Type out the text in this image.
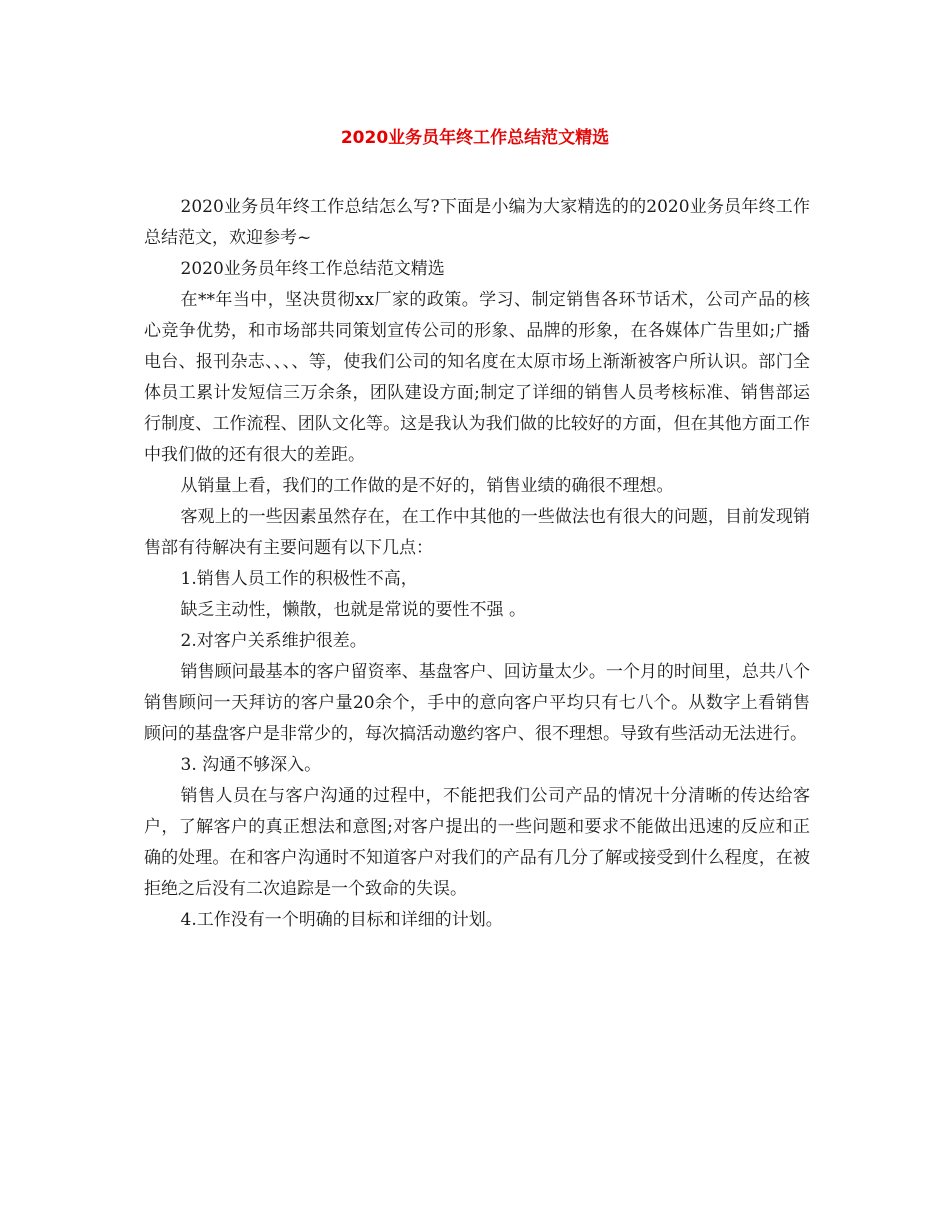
2020业务员年终工作总结范文精选

2020业务员年终工作总结怎么写?下面是小编为大家精选的的2020业务员年终工作总结范文，欢迎参考~

2020业务员年终工作总结范文精选

在**年当中，坚决贯彻xx厂家的政策。学习、制定销售各环节话术，公司产品的核心竞争优势，和市场部共同策划宣传公司的形象、品牌的形象，在各媒体广告里如;广播电台、报刊杂志、、、、等，使我们公司的知名度在太原市场上渐渐被客户所认识。部门全体员工累计发短信三万余条，团队建设方面;制定了详细的销售人员考核标准、销售部运行制度、工作流程、团队文化等。这是我认为我们做的比较好的方面，但在其他方面工作中我们做的还有很大的差距。

从销量上看，我们的工作做的是不好的，销售业绩的确很不理想。

客观上的一些因素虽然存在，在工作中其他的一些做法也有很大的问题，目前发现销售部有待解决有主要问题有以下几点：

1.销售人员工作的积极性不高，

缺乏主动性，懒散，也就是常说的要性不强 。

2.对客户关系维护很差。

销售顾问最基本的客户留资率、基盘客户、回访量太少。一个月的时间里，总共八个销售顾问一天拜访的客户量20余个，手中的意向客户平均只有七八个。从数字上看销售顾问的基盘客户是非常少的，每次搞活动邀约客户、很不理想。导致有些活动无法进行。

3. 沟通不够深入。

销售人员在与客户沟通的过程中，不能把我们公司产品的情况十分清晰的传达给客户，了解客户的真正想法和意图;对客户提出的一些问题和要求不能做出迅速的反应和正确的处理。在和客户沟通时不知道客户对我们的产品有几分了解或接受到什么程度，在被拒绝之后没有二次追踪是一个致命的失误。

4.工作没有一个明确的目标和详细的计划。
